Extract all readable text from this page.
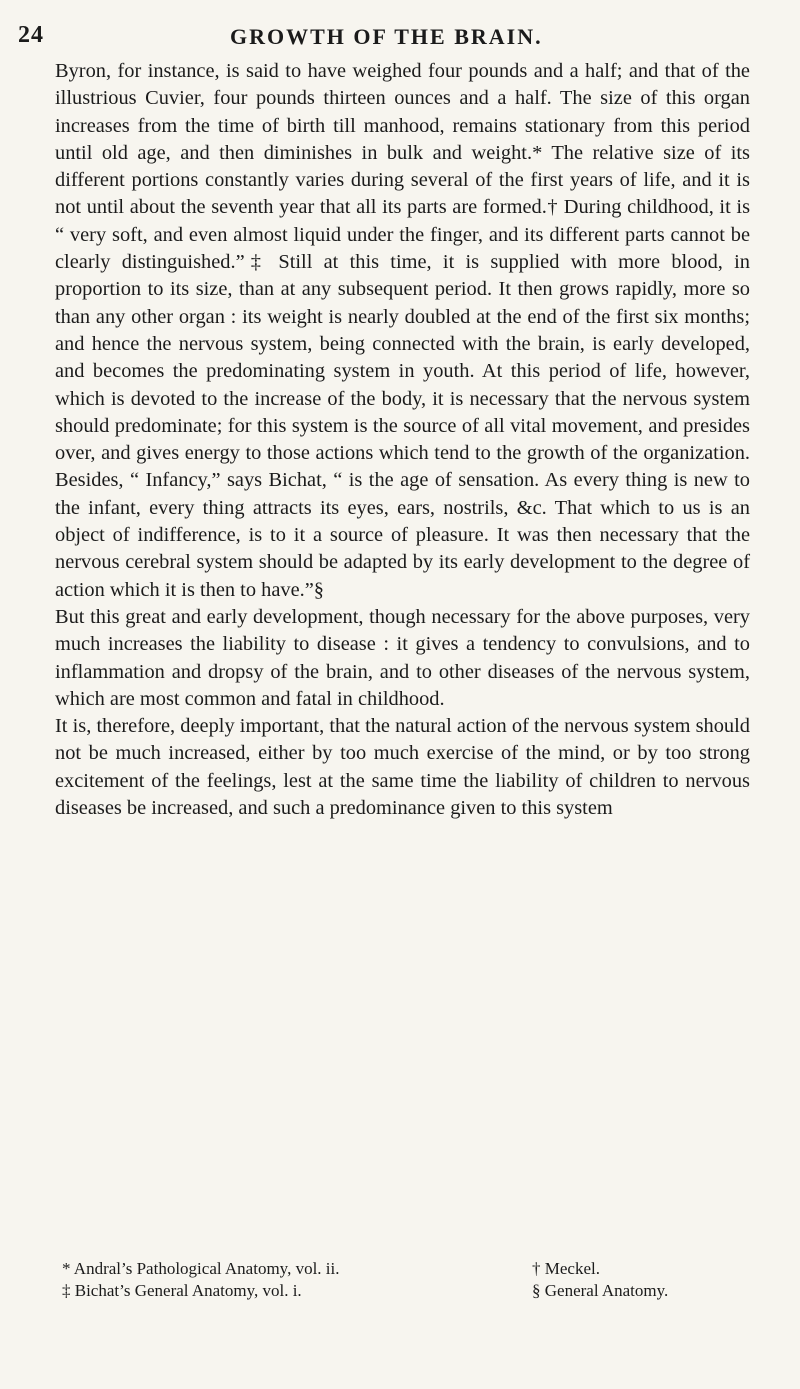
24	GROWTH OF THE BRAIN.

Byron, for instance, is said to have weighed four pounds and a half; and that of the illustrious Cuvier, four pounds thirteen ounces and a half. The size of this organ increases from the time of birth till manhood, remains stationary from this period until old age, and then diminishes in bulk and weight.* The relative size of its different portions constantly varies during several of the first years of life, and it is not until about the seventh year that all its parts are formed.† During childhood, it is “ very soft, and even almost liquid under the finger, and its different parts cannot be clearly distinguished.”‡ Still at this time, it is supplied with more blood, in proportion to its size, than at any subsequent period. It then grows rapidly, more so than any other organ : its weight is nearly doubled at the end of the first six months; and hence the nervous system, being connected with the brain, is early developed, and becomes the predominating system in youth. At this period of life, however, which is devoted to the increase of the body, it is necessary that the nervous system should predominate; for this system is the source of all vital movement, and presides over, and gives energy to those actions which tend to the growth of the organization. Besides, “ Infancy,” says Bichat, “ is the age of sensation. As every thing is new to the infant, every thing attracts its eyes, ears, nostrils, &c. That which to us is an object of indifference, is to it a source of pleasure. It was then necessary that the nervous cerebral system should be adapted by its early development to the degree of action which it is then to have.”§

But this great and early development, though necessary for the above purposes, very much increases the liability to disease : it gives a tendency to convulsions, and to inflammation and dropsy of the brain, and to other diseases of the nervous system, which are most common and fatal in childhood.

It is, therefore, deeply important, that the natural action of the nervous system should not be much increased, either by too much exercise of the mind, or by too strong excitement of the feelings, lest at the same time the liability of children to nervous diseases be increased, and such a predominance given to this system

* Andral’s Pathological Anatomy, vol. ii.	† Meckel.
‡ Bichat’s General Anatomy, vol. i.	§ General Anatomy.
